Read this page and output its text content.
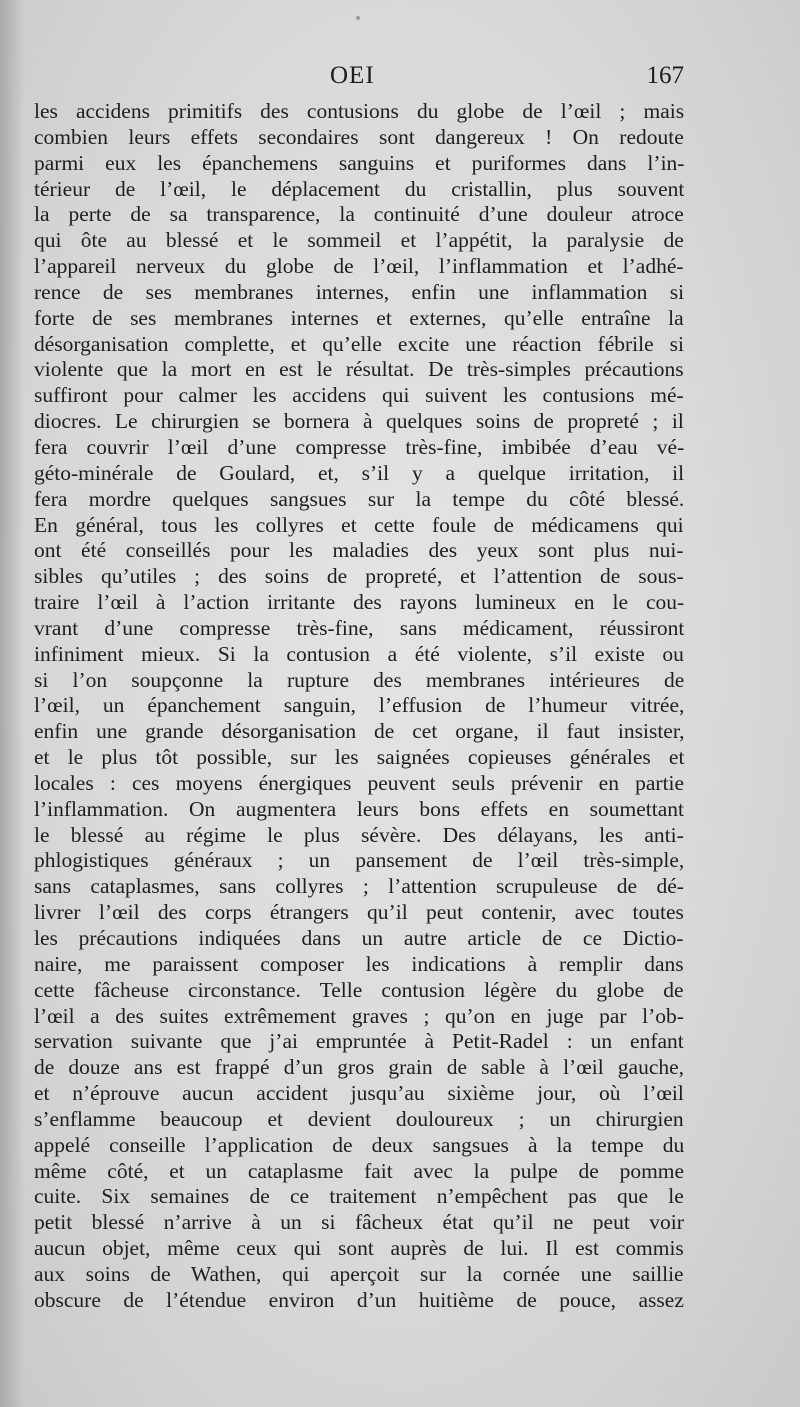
OEI	167
les accidens primitifs des contusions du globe de l’œil ; mais
combien leurs effets secondaires sont dangereux ! On redoute
parmi eux les épanchemens sanguins et puriformes dans l’in-
térieur de l’œil, le déplacement du cristallin, plus souvent
la perte de sa transparence, la continuité d’une douleur atroce
qui ôte au blessé et le sommeil et l’appétit, la paralysie de
l’appareil nerveux du globe de l’œil, l’inflammation et l’adhé-
rence de ses membranes internes, enfin une inflammation si
forte de ses membranes internes et externes, qu’elle entraîne la
désorganisation complette, et qu’elle excite une réaction fébrile si
violente que la mort en est le résultat. De très-simples précautions
suffiront pour calmer les accidens qui suivent les contusions mé-
diocres. Le chirurgien se bornera à quelques soins de propreté ; il
fera couvrir l’œil d’une compresse très-fine, imbibée d’eau vé-
géto-minérale de Goulard, et, s’il y a quelque irritation, il
fera mordre quelques sangsues sur la tempe du côté blessé.
En général, tous les collyres et cette foule de médicamens qui
ont été conseillés pour les maladies des yeux sont plus nui-
sibles qu’utiles ; des soins de propreté, et l’attention de sous-
traire l’œil à l’action irritante des rayons lumineux en le cou-
vrant d’une compresse très-fine, sans médicament, réussiront
infiniment mieux. Si la contusion a été violente, s’il existe ou
si l’on soupçonne la rupture des membranes intérieures de
l’œil, un épanchement sanguin, l’effusion de l’humeur vitrée,
enfin une grande désorganisation de cet organe, il faut insister,
et le plus tôt possible, sur les saignées copieuses générales et
locales : ces moyens énergiques peuvent seuls prévenir en partie
l’inflammation. On augmentera leurs bons effets en soumettant
le blessé au régime le plus sévère. Des délayans, les anti-
phlogistiques généraux ; un pansement de l’œil très-simple,
sans cataplasmes, sans collyres ; l’attention scrupuleuse de dé-
livrer l’œil des corps étrangers qu’il peut contenir, avec toutes
les précautions indiquées dans un autre article de ce Dictio-
naire, me paraissent composer les indications à remplir dans
cette fâcheuse circonstance. Telle contusion légère du globe de
l’œil a des suites extrêmement graves ; qu’on en juge par l’ob-
servation suivante que j’ai empruntée à Petit-Radel : un enfant
de douze ans est frappé d’un gros grain de sable à l’œil gauche,
et n’éprouve aucun accident jusqu’au sixième jour, où l’œil
s’enflamme beaucoup et devient douloureux ; un chirurgien
appelé conseille l’application de deux sangsues à la tempe du
même côté, et un cataplasme fait avec la pulpe de pomme
cuite. Six semaines de ce traitement n’empêchent pas que le
petit blessé n’arrive à un si fâcheux état qu’il ne peut voir
aucun objet, même ceux qui sont auprès de lui. Il est commis
aux soins de Wathen, qui aperçoit sur la cornée une saillie
obscure de l’étendue environ d’un huitième de pouce, assez
